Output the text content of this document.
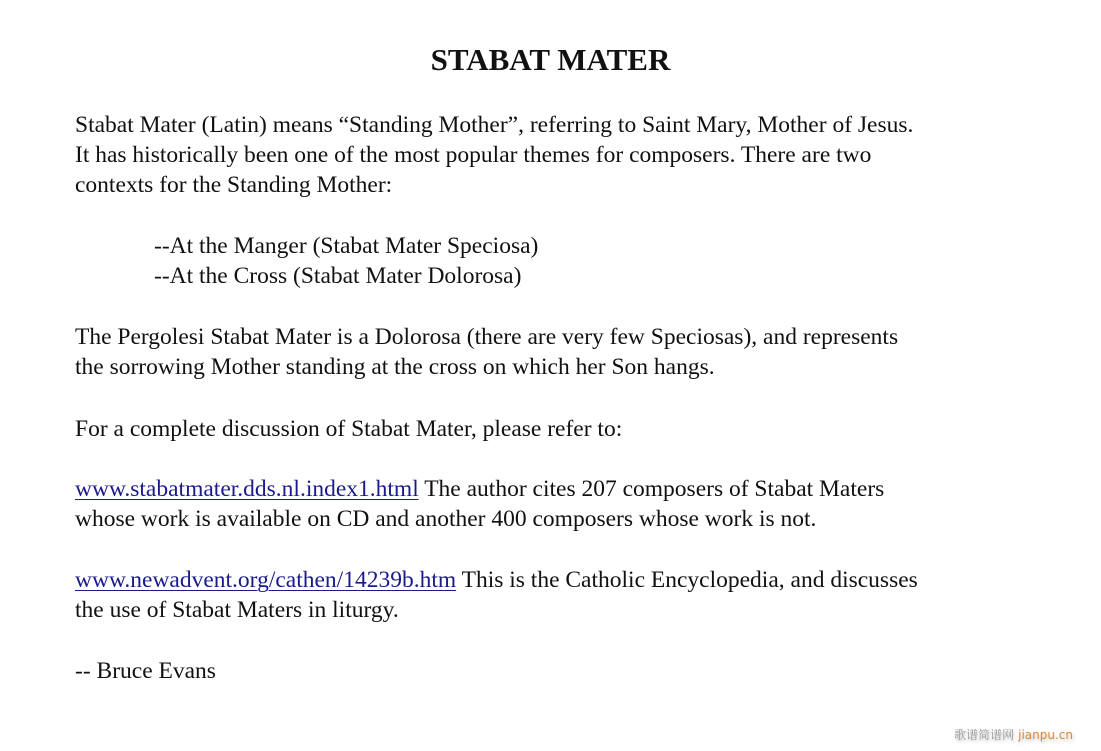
STABAT MATER
Stabat Mater (Latin) means “Standing Mother”, referring to Saint Mary, Mother of Jesus.
It has historically been one of the most popular themes for composers. There are two
contexts for the Standing Mother:
--At the Manger (Stabat Mater Speciosa)
--At the Cross (Stabat Mater Dolorosa)
The Pergolesi Stabat Mater is a Dolorosa (there are very few Speciosas), and represents
the sorrowing Mother standing at the cross on which her Son hangs.
For a complete discussion of Stabat Mater, please refer to:
www.stabatmater.dds.nl.index1.html The author cites 207 composers of Stabat Maters
whose work is available on CD and another 400 composers whose work is not.
www.newadvent.org/cathen/14239b.htm This is the Catholic Encyclopedia, and discusses
the use of Stabat Maters in liturgy.
-- Bruce Evans
歌谱简谱网 jianpu.cn
